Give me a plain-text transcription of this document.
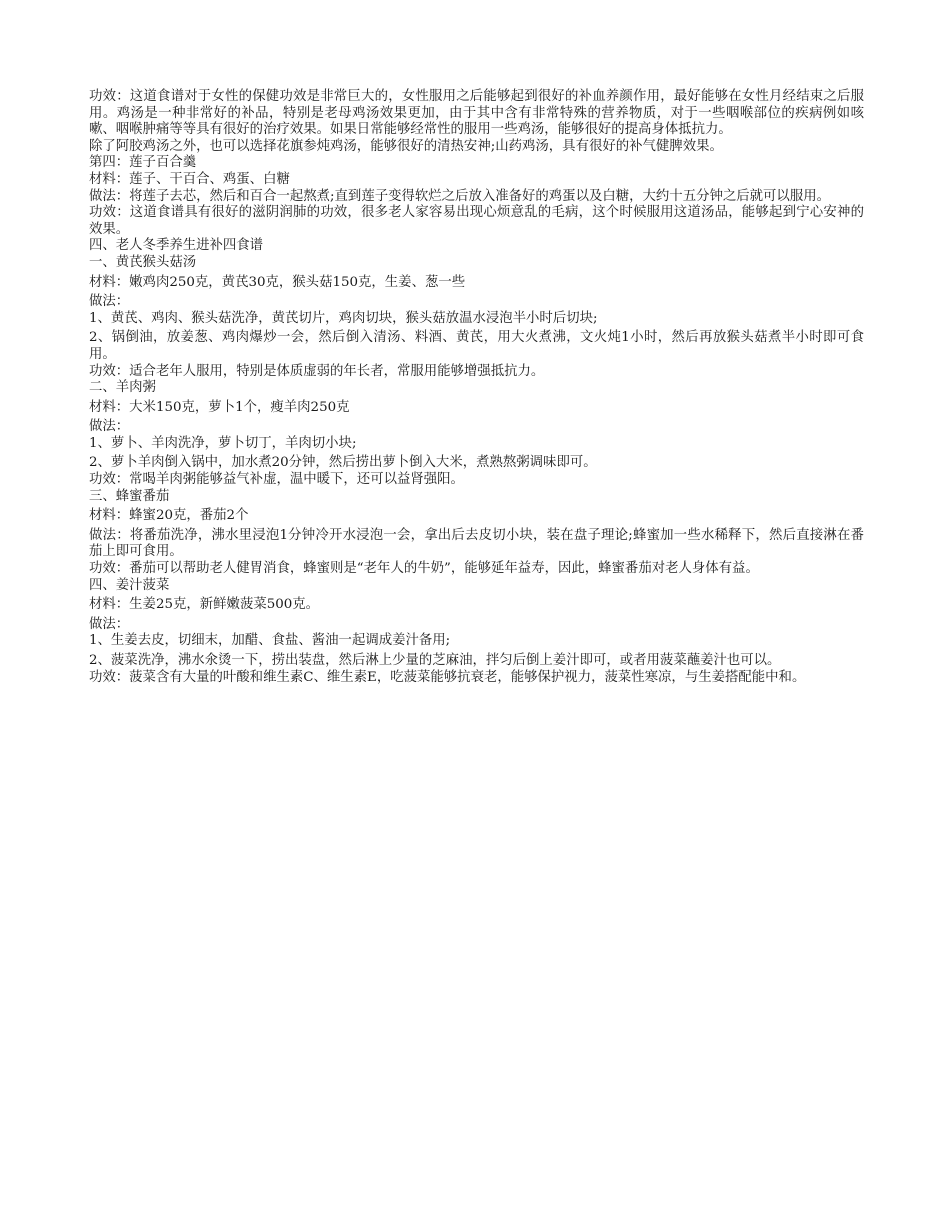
功效：这道食谱对于女性的保健功效是非常巨大的，女性服用之后能够起到很好的补血养颜作用，最好能够在女性月经结束之后服用。鸡汤是一种非常好的补品，特别是老母鸡汤效果更加，由于其中含有非常特殊的营养物质，对于一些咽喉部位的疾病例如咳嗽、咽喉肿痛等等具有很好的治疗效果。如果日常能够经常性的服用一些鸡汤，能够很好的提高身体抵抗力。

除了阿胶鸡汤之外，也可以选择花旗参炖鸡汤，能够很好的清热安神;山药鸡汤，具有很好的补气健脾效果。

第四：莲子百合羹

材料：莲子、干百合、鸡蛋、白糖

做法：将莲子去芯，然后和百合一起熬煮;直到莲子变得软烂之后放入准备好的鸡蛋以及白糖，大约十五分钟之后就可以服用。

功效：这道食谱具有很好的滋阴润肺的功效，很多老人家容易出现心烦意乱的毛病，这个时候服用这道汤品，能够起到宁心安神的效果。

四、老人冬季养生进补四食谱

一、黄芪猴头菇汤

材料：嫩鸡肉250克，黄芪30克，猴头菇150克，生姜、葱一些

做法：

1、黄芪、鸡肉、猴头菇洗净，黄芪切片，鸡肉切块，猴头菇放温水浸泡半小时后切块;

2、锅倒油，放姜葱、鸡肉爆炒一会，然后倒入清汤、料酒、黄芪，用大火煮沸，文火炖1小时，然后再放猴头菇煮半小时即可食用。

功效：适合老年人服用，特别是体质虚弱的年长者，常服用能够增强抵抗力。

二、羊肉粥

材料：大米150克，萝卜1个，瘦羊肉250克

做法：

1、萝卜、羊肉洗净，萝卜切丁，羊肉切小块;

2、萝卜羊肉倒入锅中，加水煮20分钟，然后捞出萝卜倒入大米，煮熟熬粥调味即可。

功效：常喝羊肉粥能够益气补虚，温中暖下，还可以益肾强阳。

三、蜂蜜番茄

材料：蜂蜜20克，番茄2个

做法：将番茄洗净，沸水里浸泡1分钟冷开水浸泡一会，拿出后去皮切小块，装在盘子理论;蜂蜜加一些水稀释下，然后直接淋在番茄上即可食用。

功效：番茄可以帮助老人健胃消食，蜂蜜则是“老年人的牛奶”，能够延年益寿，因此，蜂蜜番茄对老人身体有益。

四、姜汁菠菜

材料：生姜25克，新鲜嫩菠菜500克。

做法：

1、生姜去皮，切细末，加醋、食盐、酱油一起调成姜汁备用;

2、菠菜洗净，沸水氽烫一下，捞出装盘，然后淋上少量的芝麻油，拌匀后倒上姜汁即可，或者用菠菜蘸姜汁也可以。

功效：菠菜含有大量的叶酸和维生素C、维生素E，吃菠菜能够抗衰老，能够保护视力，菠菜性寒凉，与生姜搭配能中和。
